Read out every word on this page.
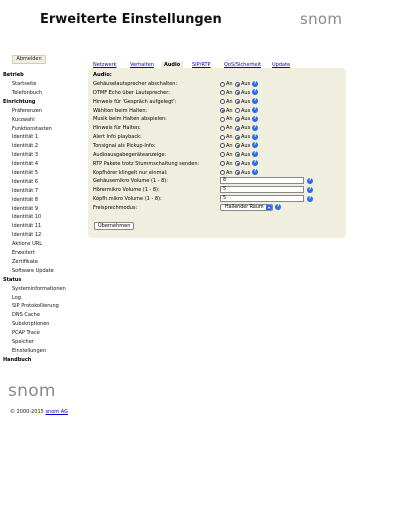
Erweiterte Einstellungen	snom
Abmelden
Betrieb
Startseite
Telefonbuch
Einrichtung
Präferenzen
Kurzwahl
Funktionstasten
Identität 1
Identität 2
Identität 3
Identität 4
Identität 5
Identität 6
Identität 7
Identität 8
Identität 9
Identität 10
Identität 11
Identität 12
Aktions URL
Erweitert
Zertifikate
Software Update
Status
Systeminformationen
Log
SIP Protokollierung
DNS Cache
Subskriptionen
PCAP Trace
Speicher
Einstellungen
Handbuch
snom
© 2000-2015 snom AG
Netzwerk	Verhalten	Audio	SIP/RTP	QoS/Sicherheit	Update
Audio:
Übernehmen
Gehäuselautsprecher abschalten:	An Aus ?
DTMF Echo über Lautsprecher:	An Aus ?
Hinweis für 'Gespräch aufgelegt':	An Aus ?
Wählton beim Halten:	An Aus ?
Musik beim Halten abspielen:	An Aus ?
Hinweis für Halten:	An Aus ?
Alert Info playback:	An Aus ?
Tonsignal als Pickup-Info:	An Aus ?
Audioausgabegeräteanzeige:	An Aus ?
RTP Pakete trotz Stummschaltung senden:	An Aus ?
Kopfhörer klingelt nur einmal:	An Aus ?
Gehäusemikro Volume (1 - 8):	8	?
Hörermikro Volume (1 - 8):	5	?
Kopfh.mikro Volume (1 - 8):	5	?
Freisprechmodus:	Hallender Raum	▾	?
